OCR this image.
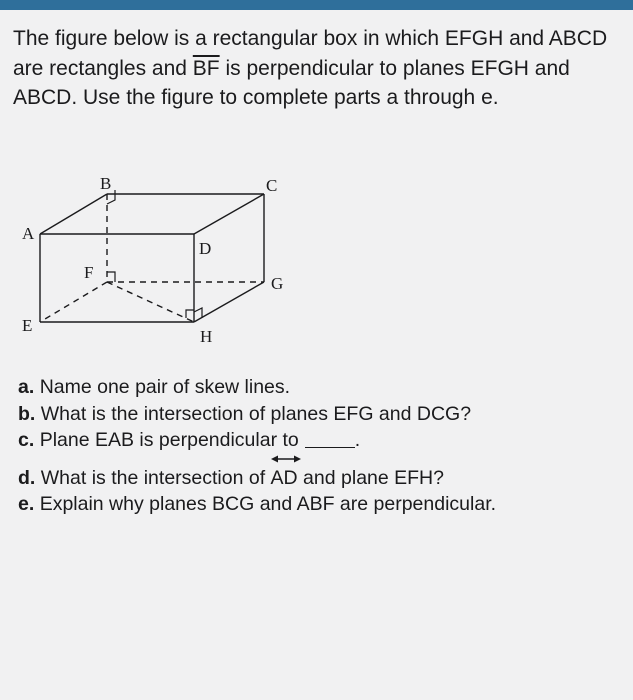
The figure below is a rectangular box in which EFGH and ABCD are rectangles and $\overline{BF}$ is perpendicular to planes EFGH and ABCD. Use the figure to complete parts a through e.

B	C
A
D
F
G
E
H
a. Name one pair of skew lines.
b. What is the intersection of planes EFG and DCG?
c. Plane EAB is perpendicular to	.
d. What is the intersection of
AD and plane EFH?
e. Explain why planes BCG and ABF are perpendicular.
